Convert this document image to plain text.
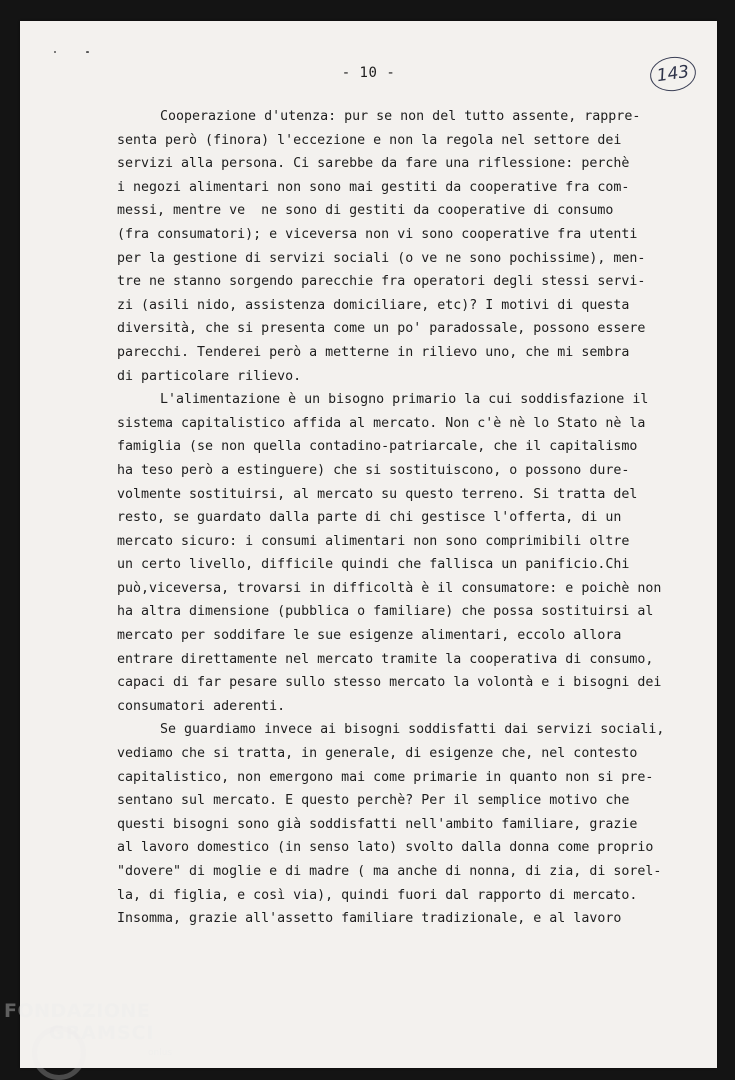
- 10 -	143
Cooperazione d'utenza: pur se non del tutto assente, rappre-
senta però (finora) l'eccezione e non la regola nel settore dei
servizi alla persona. Ci sarebbe da fare una riflessione: perchè
i negozi alimentari non sono mai gestiti da cooperative fra com-
messi, mentre ve  ne sono di gestiti da cooperative di consumo
(fra consumatori); e viceversa non vi sono cooperative fra utenti
per la gestione di servizi sociali (o ve ne sono pochissime), men-
tre ne stanno sorgendo parecchie fra operatori degli stessi servi-
zi (asili nido, assistenza domiciliare, etc)? I motivi di questa
diversità, che si presenta come un po' paradossale, possono essere
parecchi. Tenderei però a metterne in rilievo uno, che mi sembra
di particolare rilievo.
L'alimentazione è un bisogno primario la cui soddisfazione il
sistema capitalistico affida al mercato. Non c'è nè lo Stato nè la
famiglia (se non quella contadino-patriarcale, che il capitalismo
ha teso però a estinguere) che si sostituiscono, o possono dure-
volmente sostituirsi, al mercato su questo terreno. Si tratta del
resto, se guardato dalla parte di chi gestisce l'offerta, di un
mercato sicuro: i consumi alimentari non sono comprimibili oltre
un certo livello, difficile quindi che fallisca un panificio.Chi
può,viceversa, trovarsi in difficoltà è il consumatore: e poichè non
ha altra dimensione (pubblica o familiare) che possa sostituirsi al
mercato per soddifare le sue esigenze alimentari, eccolo allora
entrare direttamente nel mercato tramite la cooperativa di consumo,
capaci di far pesare sullo stesso mercato la volontà e i bisogni dei
consumatori aderenti.
Se guardiamo invece ai bisogni soddisfatti dai servizi sociali,
vediamo che si tratta, in generale, di esigenze che, nel contesto
capitalistico, non emergono mai come primarie in quanto non si pre-
sentano sul mercato. E questo perchè? Per il semplice motivo che
questi bisogni sono già soddisfatti nell'ambito familiare, grazie
al lavoro domestico (in senso lato) svolto dalla donna come proprio
"dovere" di moglie e di madre ( ma anche di nonna, di zia, di sorel-
la, di figlia, e così via), quindi fuori dal rapporto di mercato.
Insomma, grazie all'assetto familiare tradizionale, e al lavoro
FONDAZIONE
GRAMSCI
onlus
